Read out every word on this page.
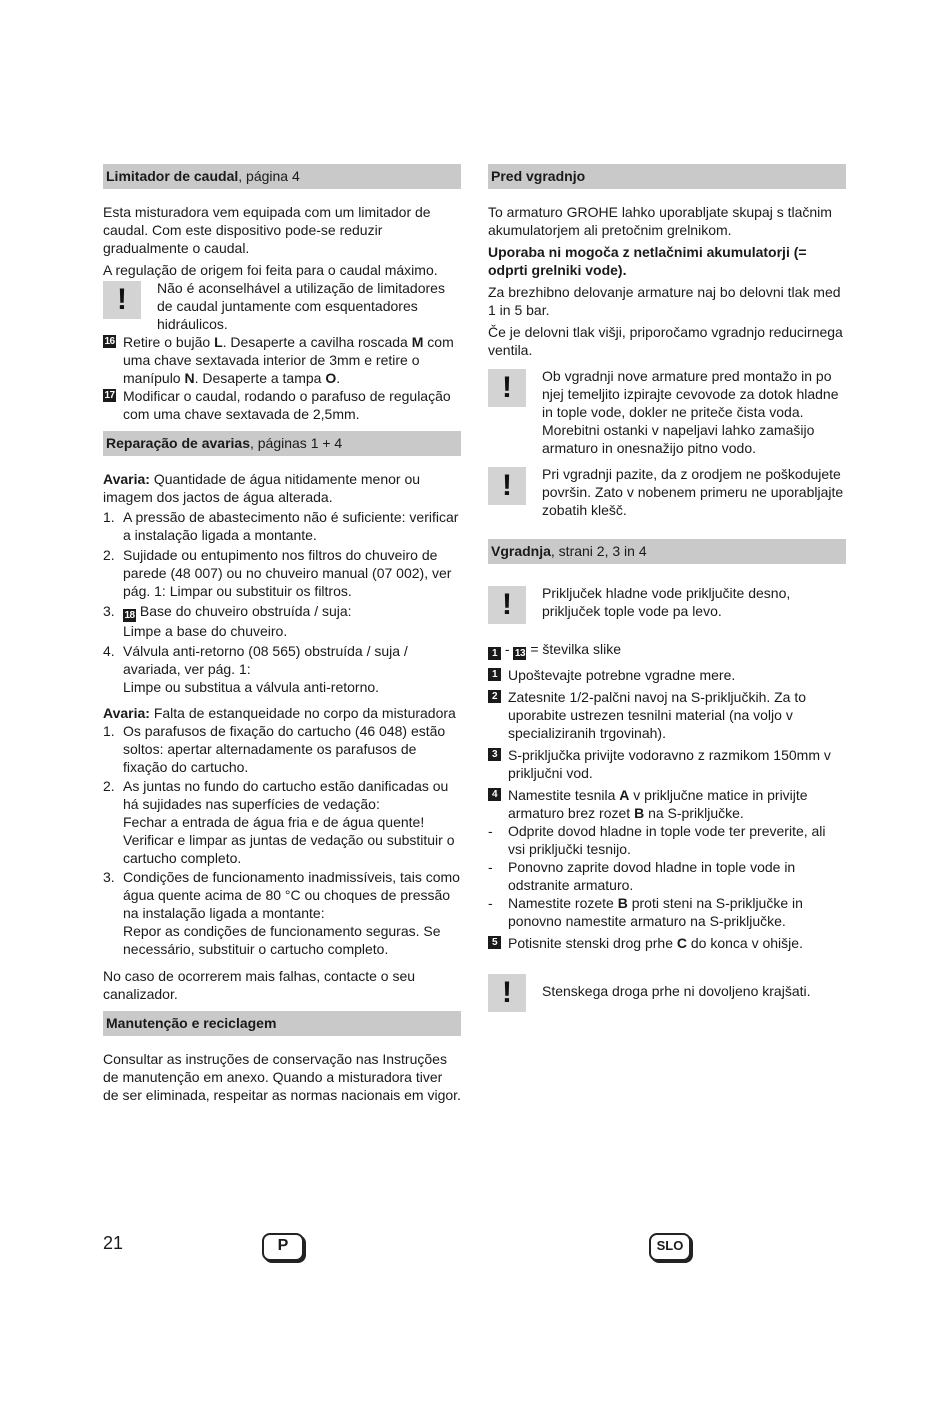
Limitador de caudal, página 4

Esta misturadora vem equipada com um limitador de caudal. Com este dispositivo pode-se reduzir gradualmente o caudal.

A regulação de origem foi feita para o caudal máximo.

! Não é aconselhável a utilização de limitadores de caudal juntamente com esquentadores hidráulicos.

16 Retire o bujão L. Desaperte a cavilha roscada M com uma chave sextavada interior de 3mm e retire o manípulo N. Desaperte a tampa O.

17 Modificar o caudal, rodando o parafuso de regulação com uma chave sextavada de 2,5mm.

Reparação de avarias, páginas 1 + 4

Avaria: Quantidade de água nitidamente menor ou imagem dos jactos de água alterada.

1. A pressão de abastecimento não é suficiente: verificar a instalação ligada a montante.
2. Sujidade ou entupimento nos filtros do chuveiro de parede (48 007) ou no chuveiro manual (07 002), ver pág. 1: Limpar ou substituir os filtros.
3. 18 Base do chuveiro obstruída / suja:
Limpe a base do chuveiro.
4. Válvula anti-retorno (08 565) obstruída / suja / avariada, ver pág. 1:
Limpe ou substitua a válvula anti-retorno.

Avaria: Falta de estanqueidade no corpo da misturadora

1. Os parafusos de fixação do cartucho (46 048) estão soltos: apertar alternadamente os parafusos de fixação do cartucho.
2. As juntas no fundo do cartucho estão danificadas ou há sujidades nas superfícies de vedação:
Fechar a entrada de água fria e de água quente!
Verificar e limpar as juntas de vedação ou substituir o cartucho completo.
3. Condições de funcionamento inadmissíveis, tais como água quente acima de 80 °C ou choques de pressão na instalação ligada a montante:
Repor as condições de funcionamento seguras. Se necessário, substituir o cartucho completo.

No caso de ocorrerem mais falhas, contacte o seu canalizador.

Manutenção e reciclagem

Consultar as instruções de conservação nas Instruções de manutenção em anexo. Quando a misturadora tiver de ser eliminada, respeitar as normas nacionais em vigor.

Pred vgradnjo

To armaturo GROHE lahko uporabljate skupaj s tlačnim akumulatorjem ali pretočnim grelnikom.

Uporaba ni mogoča z netlačnimi akumulatorji (= odprti grelniki vode).

Za brezhibno delovanje armature naj bo delovni tlak med 1 in 5 bar.

Če je delovni tlak višji, priporočamo vgradnjo reducirnega ventila.

! Ob vgradnji nove armature pred montažo in po njej temeljito izpirajte cevovode za dotok hladne in tople vode, dokler ne priteče čista voda. Morebitni ostanki v napeljavi lahko zamašijo armaturo in onesnažijo pitno vodo.
! Pri vgradnji pazite, da z orodjem ne poškodujete površin. Zato v nobenem primeru ne uporabljajte zobatih klešč.
Vgradnja, strani 2, 3 in 4
! Priključek hladne vode priključite desno, priključek tople vode pa levo.

1 - 13 = številka slike

1 Upoštevajte potrebne vgradne mere.

2 Zatesnite 1/2-palčni navoj na S-priključkih. Za to uporabite ustrezen tesnilni material (na voljo v specializiranih trgovinah).

3 S-priključka privijte vodoravno z razmikom 150mm v priključni vod.

4 Namestite tesnila A v priključne matice in privijte armaturo brez rozet B na S-priključke.

- Odprite dovod hladne in tople vode ter preverite, ali vsi priključki tesnijo.
- Ponovno zaprite dovod hladne in tople vode in odstranite armaturo.
- Namestite rozete B proti steni na S-priključke in ponovno namestite armaturo na S-priključke.

5 Potisnite stenski drog prhe C do konca v ohišje.

! Stenskega droga prhe ni dovoljeno krajšati.
21	P	SLO
